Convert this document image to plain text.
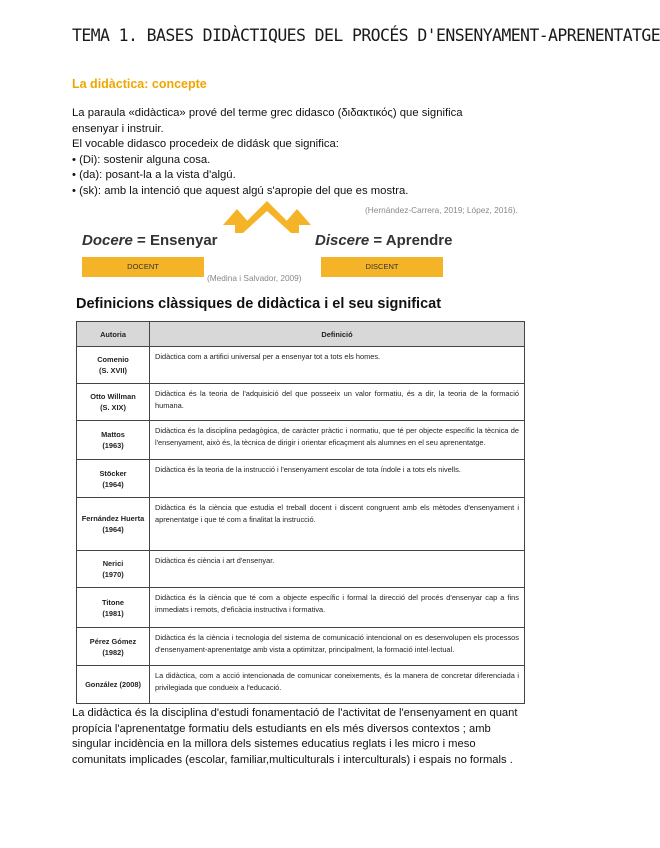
TEMA 1. BASES DIDÀCTIQUES DEL PROCÉS D'ENSENYAMENT-APRENENTATGE
La didàctica: concepte
La paraula «didàctica» prové del terme grec didasco (διδακτικός) que significa
ensenyar i instruir.
El vocable didasco procedeix de didásk que significa:
• (Di): sostenir alguna cosa.
• (da): posant-la a la vista d'algú.
• (sk): amb la intenció que aquest algú s'apropie del que es mostra.
(Hernández-Carrera, 2019; López, 2016).
Docere = Ensenyar	Discere = Aprendre
DOCENT	DISCENT
(Medina i Salvador, 2009)
Definicions clàssiques de didàctica i el seu significat
Autoria	Definició

Comenio
(S. XVII)	Didàctica com a artifici universal per a ensenyar tot a tots els homes.

Otto Willman
(S. XIX)	Didàctica és la teoria de l'adquisició del que posseeix un valor formatiu, és a dir, la teoria de la formació humana.

Mattos
(1963)	Didàctica és la disciplina pedagògica, de caràcter pràctic i normatiu, que té per objecte específic la tècnica de l'ensenyament, això és, la tècnica de dirigir i orientar eficaçment als alumnes en el seu aprenentatge.

Stöcker
(1964)	Didàctica és la teoria de la instrucció i l'ensenyament escolar de tota índole i a tots els nivells.

Fernández Huerta
(1964)	Didàctica és la ciència que estudia el treball docent i discent congruent amb els mètodes d'ensenyament i aprenentatge i que té com a finalitat la instrucció.

Nerici
(1970)	Didàctica és ciència i art d'ensenyar.

Titone
(1981)	Didàctica és la ciència que té com a objecte específic i formal la direcció del procés d'ensenyar cap a fins immediats i remots, d'eficàcia instructiva i formativa.

Pérez Gómez
(1982)	Didàctica és la ciència i tecnologia del sistema de comunicació intencional on es desenvolupen els processos d'ensenyament-aprenentatge amb vista a optimitzar, principalment, la formació intel·lectual.

González (2008)	La didàctica, com a acció intencionada de comunicar coneixements, és la manera de concretar diferenciada i privilegiada que condueix a l'educació.
La didàctica és la disciplina d'estudi fonamentació de l'activitat de l'ensenyament en quant
propícia l'aprenentatge formatiu dels estudiants en els més diversos contextos ; amb
singular incidència en la millora dels sistemes educatius reglats i les micro i meso
comunitats implicades (escolar, familiar,multiculturals i interculturals) i espais no formals .
